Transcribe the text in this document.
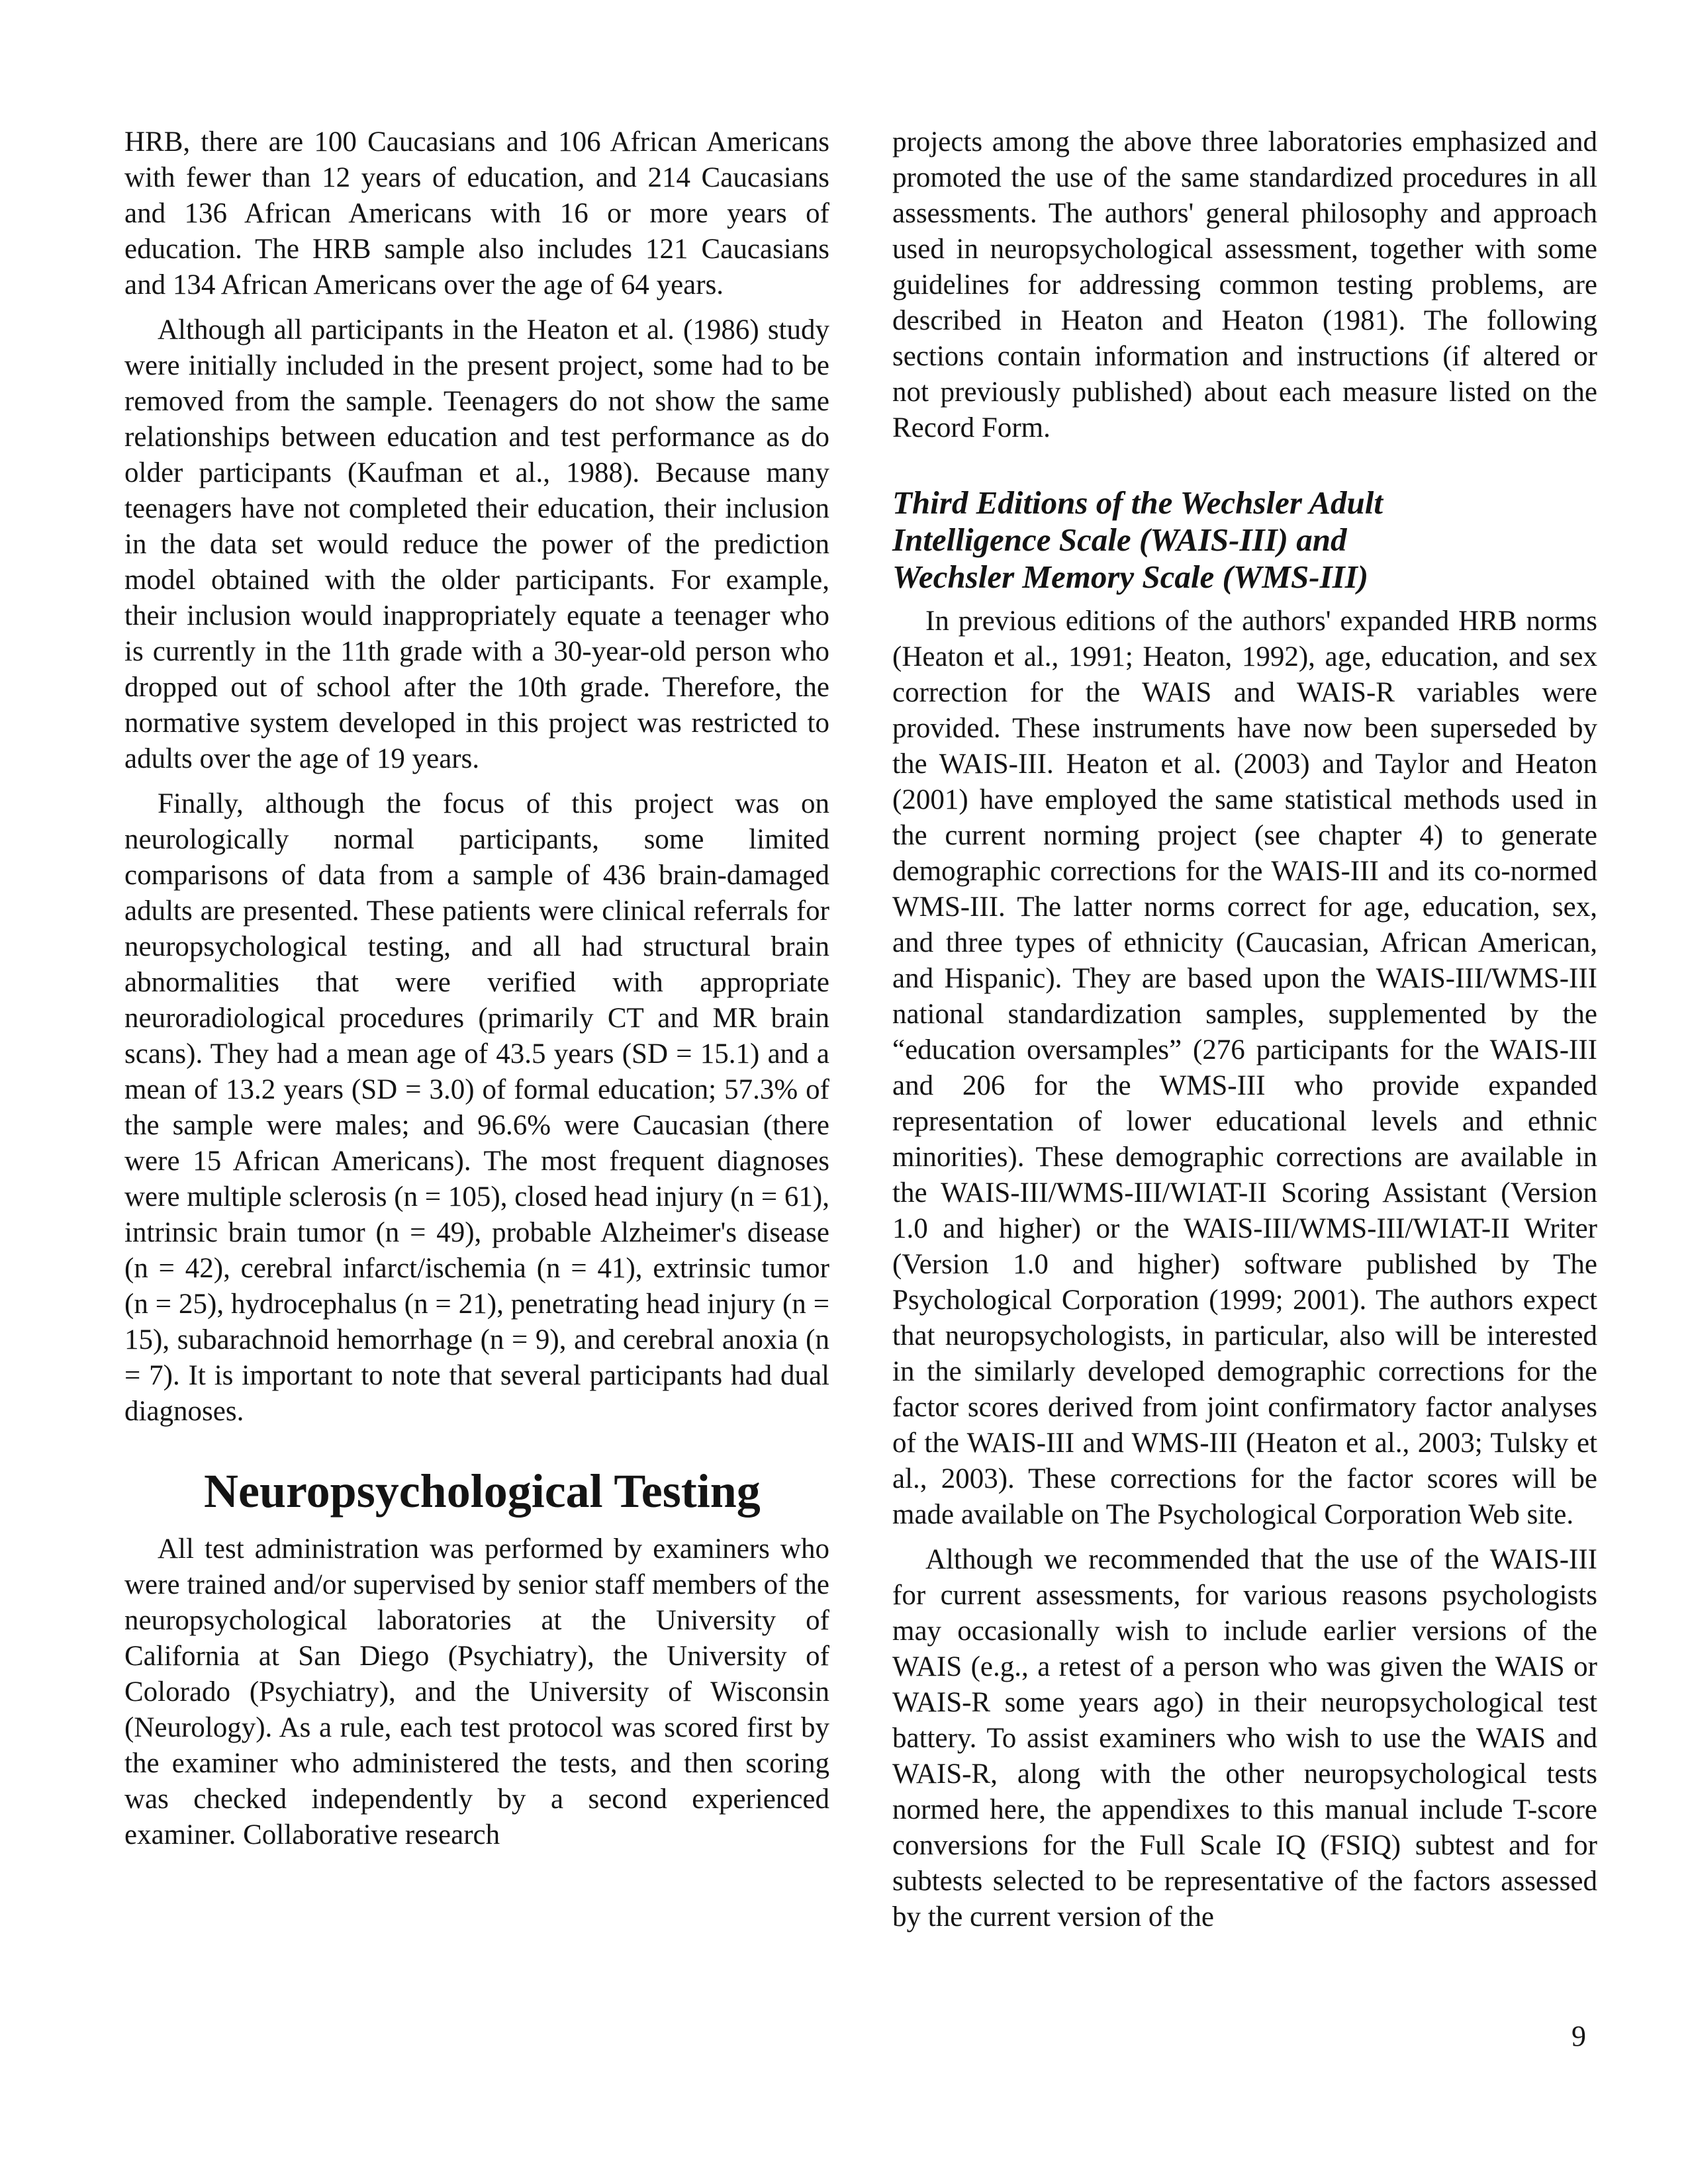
HRB, there are 100 Caucasians and 106 African Americans with fewer than 12 years of education, and 214 Caucasians and 136 African Americans with 16 or more years of education. The HRB sample also includes 121 Caucasians and 134 African Americans over the age of 64 years.

Although all participants in the Heaton et al. (1986) study were initially included in the present project, some had to be removed from the sample. Teenagers do not show the same relationships between education and test performance as do older participants (Kaufman et al., 1988). Because many teenagers have not completed their education, their inclusion in the data set would reduce the power of the prediction model obtained with the older participants. For example, their inclusion would inappropriately equate a teenager who is currently in the 11th grade with a 30-year-old person who dropped out of school after the 10th grade. Therefore, the normative system developed in this project was restricted to adults over the age of 19 years.

Finally, although the focus of this project was on neurologically normal participants, some limited comparisons of data from a sample of 436 brain-damaged adults are presented. These patients were clinical referrals for neuropsychological testing, and all had structural brain abnormalities that were verified with appropriate neuroradiological procedures (primarily CT and MR brain scans). They had a mean age of 43.5 years (SD = 15.1) and a mean of 13.2 years (SD = 3.0) of formal education; 57.3% of the sample were males; and 96.6% were Caucasian (there were 15 African Americans). The most frequent diagnoses were multiple sclerosis (n = 105), closed head injury (n = 61), intrinsic brain tumor (n = 49), probable Alzheimer's disease (n = 42), cerebral infarct/ischemia (n = 41), extrinsic tumor (n = 25), hydrocephalus (n = 21), penetrating head injury (n = 15), subarachnoid hemorrhage (n = 9), and cerebral anoxia (n = 7). It is important to note that several participants had dual diagnoses.

Neuropsychological Testing

All test administration was performed by examiners who were trained and/or supervised by senior staff members of the neuropsychological laboratories at the University of California at San Diego (Psychiatry), the University of Colorado (Psychiatry), and the University of Wisconsin (Neurology). As a rule, each test protocol was scored first by the examiner who administered the tests, and then scoring was checked independently by a second experienced examiner. Collaborative research

projects among the above three laboratories emphasized and promoted the use of the same standardized procedures in all assessments. The authors' general philosophy and approach used in neuropsychological assessment, together with some guidelines for addressing common testing problems, are described in Heaton and Heaton (1981). The following sections contain information and instructions (if altered or not previously published) about each measure listed on the Record Form.

Third Editions of the Wechsler Adult
Intelligence Scale (WAIS-III) and
Wechsler Memory Scale (WMS-III)

In previous editions of the authors' expanded HRB norms (Heaton et al., 1991; Heaton, 1992), age, education, and sex correction for the WAIS and WAIS-R variables were provided. These instruments have now been superseded by the WAIS-III. Heaton et al. (2003) and Taylor and Heaton (2001) have employed the same statistical methods used in the current norming project (see chapter 4) to generate demographic corrections for the WAIS-III and its co-normed WMS-III. The latter norms correct for age, education, sex, and three types of ethnicity (Caucasian, African American, and Hispanic). They are based upon the WAIS-III/WMS-III national standardization samples, supplemented by the “education oversamples” (276 participants for the WAIS-III and 206 for the WMS-III who provide expanded representation of lower educational levels and ethnic minorities). These demographic corrections are available in the WAIS-III/WMS-III/WIAT-II Scoring Assistant (Version 1.0 and higher) or the WAIS-III/WMS-III/WIAT-II Writer (Version 1.0 and higher) software published by The Psychological Corporation (1999; 2001). The authors expect that neuropsychologists, in particular, also will be interested in the similarly developed demographic corrections for the factor scores derived from joint confirmatory factor analyses of the WAIS-III and WMS-III (Heaton et al., 2003; Tulsky et al., 2003). These corrections for the factor scores will be made available on The Psychological Corporation Web site.

Although we recommended that the use of the WAIS-III for current assessments, for various reasons psychologists may occasionally wish to include earlier versions of the WAIS (e.g., a retest of a person who was given the WAIS or WAIS-R some years ago) in their neuropsychological test battery. To assist examiners who wish to use the WAIS and WAIS-R, along with the other neuropsychological tests normed here, the appendixes to this manual include T-score conversions for the Full Scale IQ (FSIQ) subtest and for subtests selected to be representative of the factors assessed by the current version of the

9
